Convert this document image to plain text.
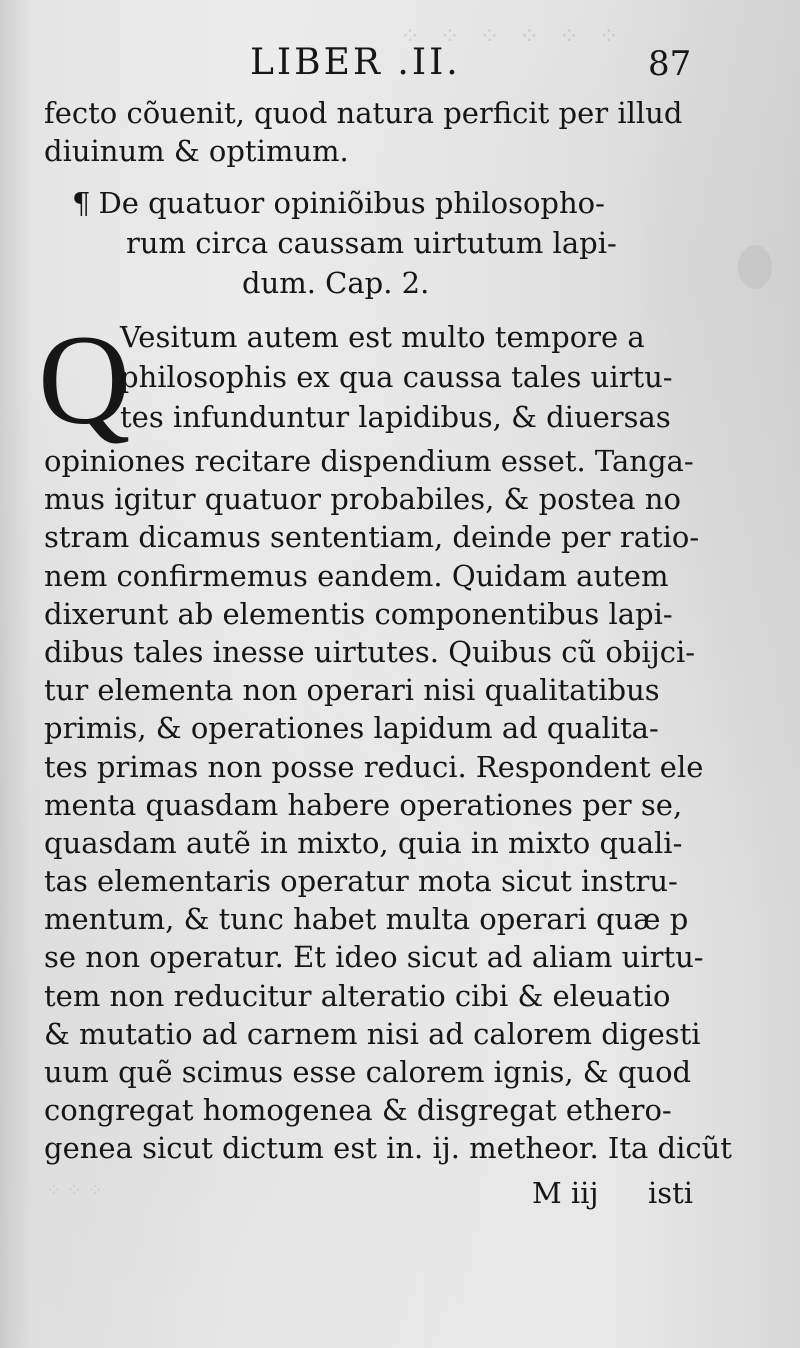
⁘ ⁘ ⁘ ⁘ ⁘ ⁘
⁘ ⁘ ⁘
LIBER .II.	87
fecto cõuenit, quod natura perficit per illud
diuinum & optimum.
¶ De quatuor opiniõibus philosopho-
rum circa caussam uirtutum lapi-
dum. Cap. 2.
Q
Vesitum autem est multo tempore a
philosophis ex qua caussa tales uirtu-
tes infunduntur lapidibus, & diuersas
opiniones recitare dispendium esset. Tanga-
mus igitur quatuor probabiles, & postea no
stram dicamus sententiam, deinde per ratio-
nem confirmemus eandem. Quidam autem
dixerunt ab elementis componentibus lapi-
dibus tales inesse uirtutes. Quibus cũ obijci-
tur elementa non operari nisi qualitatibus
primis, & operationes lapidum ad qualita-
tes primas non posse reduci. Respondent ele
menta quasdam habere operationes per se,
quasdam autẽ in mixto, quia in mixto quali-
tas elementaris operatur mota sicut instru-
mentum, & tunc habet multa operari quæ p
se non operatur. Et ideo sicut ad aliam uirtu-
tem non reducitur alteratio cibi & eleuatio
& mutatio ad carnem nisi ad calorem digesti
uum quẽ scimus esse calorem ignis, & quod
congregat homogenea & disgregat ethero-
genea sicut dictum est in. ij. metheor. Ita dicũt
M iij isti
